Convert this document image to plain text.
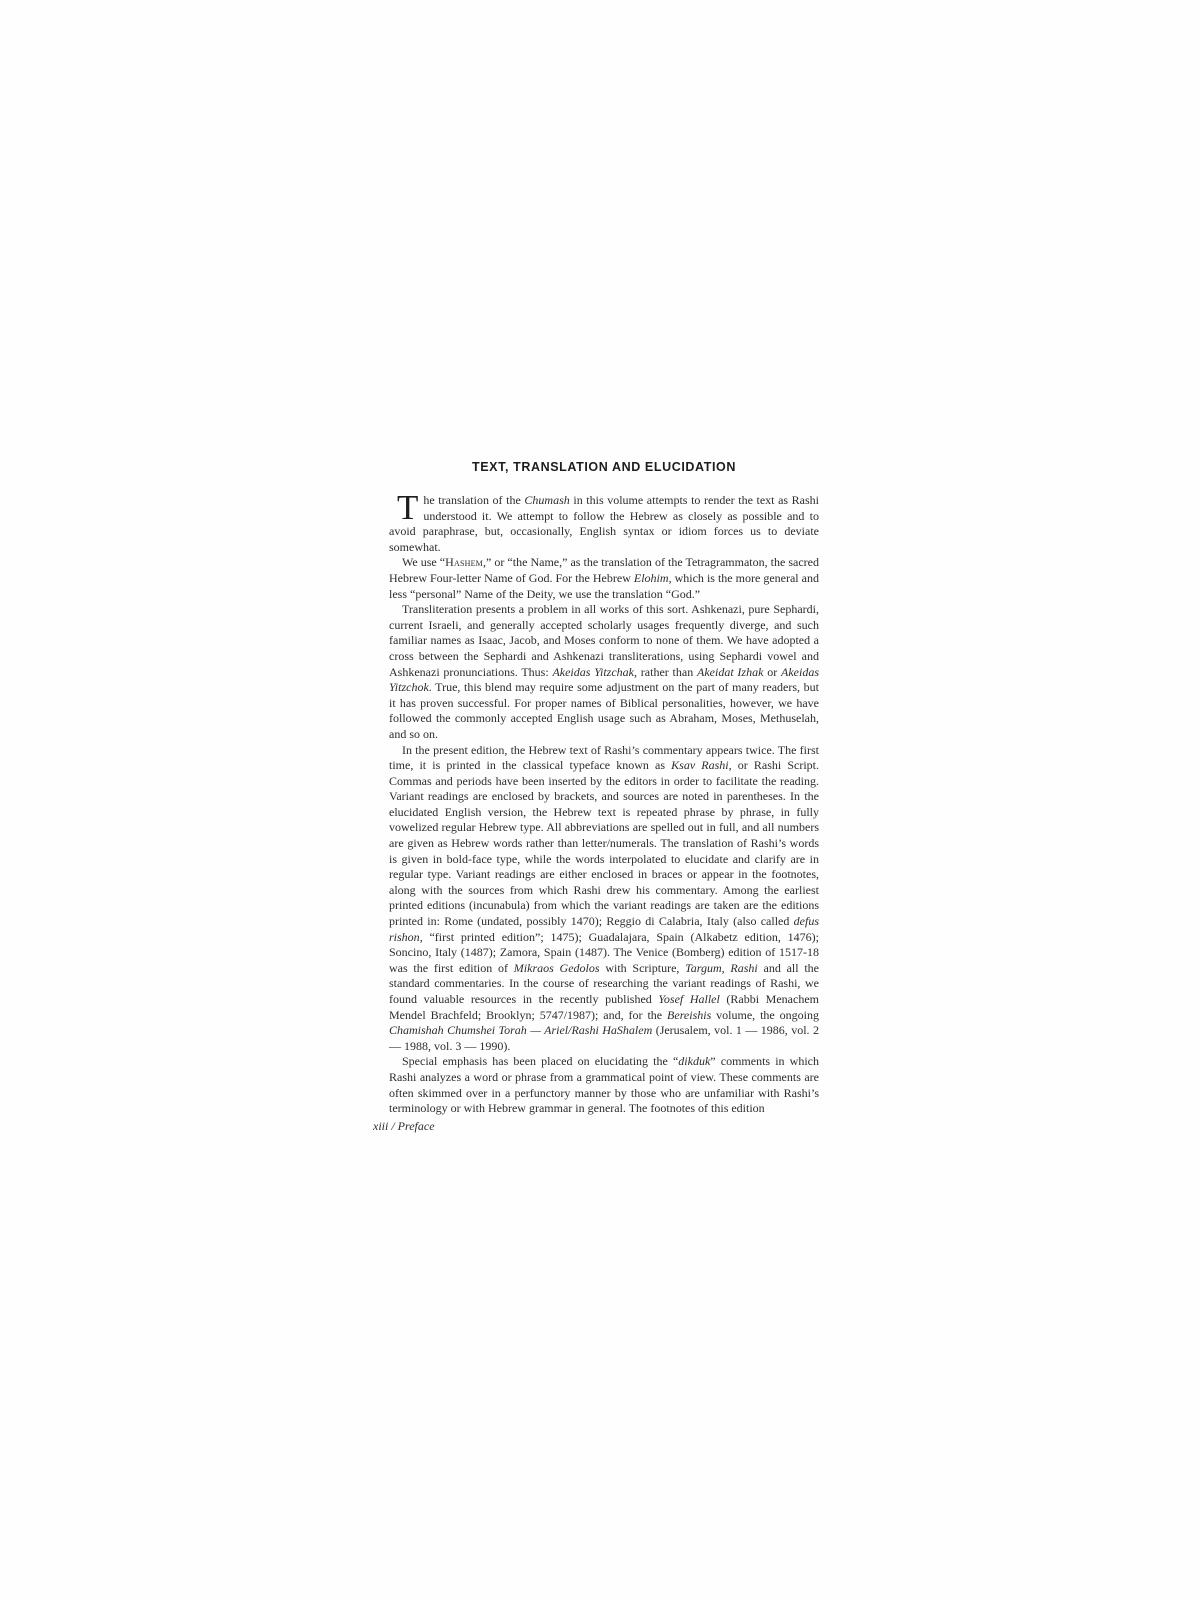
TEXT, TRANSLATION AND ELUCIDATION

The translation of the Chumash in this volume attempts to render the text as Rashi understood it. We attempt to follow the Hebrew as closely as possible and to avoid paraphrase, but, occasionally, English syntax or idiom forces us to deviate somewhat.

We use “Hashem,” or “the Name,” as the translation of the Tetragrammaton, the sacred Hebrew Four-letter Name of God. For the Hebrew Elohim, which is the more general and less “personal” Name of the Deity, we use the translation “God.”

Transliteration presents a problem in all works of this sort. Ashkenazi, pure Sephardi, current Israeli, and generally accepted scholarly usages frequently diverge, and such familiar names as Isaac, Jacob, and Moses conform to none of them. We have adopted a cross between the Sephardi and Ashkenazi transliterations, using Sephardi vowel and Ashkenazi pronunciations. Thus: Akeidas Yitzchak, rather than Akeidat Izhak or Akeidas Yitzchok. True, this blend may require some adjustment on the part of many readers, but it has proven successful. For proper names of Biblical personalities, however, we have followed the commonly accepted English usage such as Abraham, Moses, Methuselah, and so on.

In the present edition, the Hebrew text of Rashi’s commentary appears twice. The first time, it is printed in the classical typeface known as Ksav Rashi, or Rashi Script. Commas and periods have been inserted by the editors in order to facilitate the reading. Variant readings are enclosed by brackets, and sources are noted in parentheses. In the elucidated English version, the Hebrew text is repeated phrase by phrase, in fully vowelized regular Hebrew type. All abbreviations are spelled out in full, and all numbers are given as Hebrew words rather than letter/numerals. The translation of Rashi’s words is given in bold-face type, while the words interpolated to elucidate and clarify are in regular type. Variant readings are either enclosed in braces or appear in the footnotes, along with the sources from which Rashi drew his commentary. Among the earliest printed editions (incunabula) from which the variant readings are taken are the editions printed in: Rome (undated, possibly 1470); Reggio di Calabria, Italy (also called defus rishon, “first printed edition”; 1475); Guadalajara, Spain (Alkabetz edition, 1476); Soncino, Italy (1487); Zamora, Spain (1487). The Venice (Bomberg) edition of 1517-18 was the first edition of Mikraos Gedolos with Scripture, Targum, Rashi and all the standard commentaries. In the course of researching the variant readings of Rashi, we found valuable resources in the recently published Yosef Hallel (Rabbi Menachem Mendel Brachfeld; Brooklyn; 5747/1987); and, for the Bereishis volume, the ongoing Chamishah Chumshei Torah — Ariel/Rashi HaShalem (Jerusalem, vol. 1 — 1986, vol. 2 — 1988, vol. 3 — 1990).

Special emphasis has been placed on elucidating the “dikduk” comments in which Rashi analyzes a word or phrase from a grammatical point of view. These comments are often skimmed over in a perfunctory manner by those who are unfamiliar with Rashi’s terminology or with Hebrew grammar in general. The footnotes of this edition

xiii / Preface
